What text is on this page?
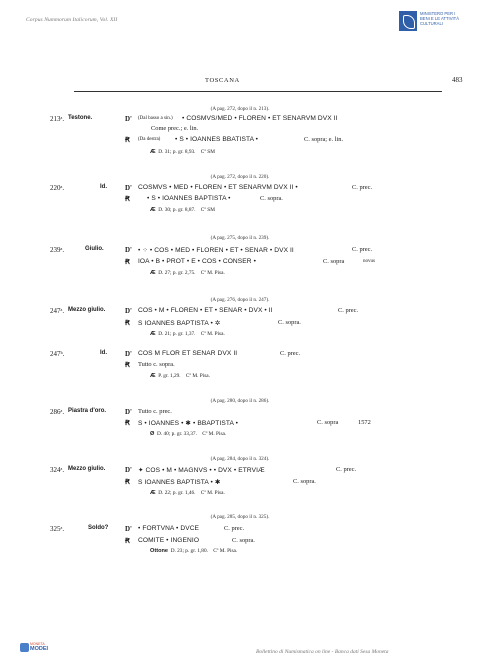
Corpus Nummorum Italicorum, Vol. XII
MINISTERO PER I BENI E LE ATTIVITÀ CULTURALI
TOSCANA	483
(A pag. 272, dopo il n. 213).
213ᵃ. Testone.	D' (Dal basso a sin.) • COSMVS/MED • FLOREN • ET SENARVM DVX II
Come prec.; e. lin.
Ꞧ (Da destra) • S • IOANNES BBATISTA •	C. sopra; e. lin.
Æ D. 31; p. gr. 8,93. Cº SM
(A pag. 272, dopo il n. 220).
220ᵃ.	Id.	D' COSMVS • MED • FLOREN • ET SENARVM DVX II •	C. prec.
Ꞧ	• S • IOANNES BAPTISTA •	C. sopra.
Æ D. 30; p. gr. 8,87. Cº SM
(A pag. 275, dopo il n. 239).
239ᵃ.	Giulio.	D' • ⁘ • COS • MED • FLOREN • ET • SENAR • DVX II	C. prec.
Ꞧ IOA • B • PROT • E • COS • CONSER •	C. sopra	novus
Æ D. 27; p. gr. 2,75. Cº M. Pisa.
(A pag. 276, dopo il n. 247).
247ᵃ. Mezzo giulio.	D' COS • M • FLOREN • ET • SENAR • DVX • II	C. prec.
Ꞧ S IOANNES BAPTISTA • ✲	C. sopra.
Æ D. 21; p. gr. 1,37. Cº M. Pisa.
247ᵇ.	Id.	D' COS M FLOR ET SENAR DVX II	C. prec.
Ꞧ Tutto c. sopra.
Æ P. gr. 1,29. Cº M. Pisa.
(A pag. 280, dopo il n. 286).
286ᵃ. Piastra d'oro.	D' Tutto c. prec.
Ꞧ S • IOANNES • ✱ • BBAPTISTA •	C. sopra	1572
Ø D. 40; p. gr. 33,37. Cº M. Pisa.
(A pag. 284, dopo il n. 324).
324ᵃ. Mezzo giulio.	D' ✦ COS • M • MAGNVS • • DVX • ETRVIÆ	C. prec.
Ꞧ S IOANNES BAPTISTA • ✱	C. sopra.
Æ D. 22; p. gr. 1,46. Cº M. Pisa.
(A pag. 285, dopo il n. 325).
325ᵃ.	Soldo? D' • FORTVNA • DVCE	C. prec.
Ꞧ COMITE • INGENIO	C. sopra.
Ottone D. 23; p. gr. 1,80. Cº M. Pisa.
MONETA
MODEI	Bollettino di Numismatica on line - Banca dati Sesa Moneta
